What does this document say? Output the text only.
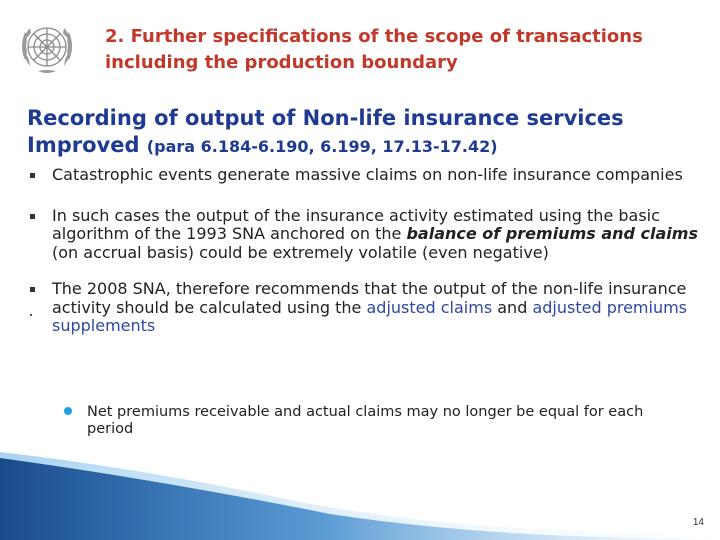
2. Further specifications of the scope of transactions
including the production boundary
Recording of output of Non-life insurance services
Improved (para 6.184-6.190, 6.199, 17.13-17.42)
Catastrophic events generate massive claims on non-life insurance companies
In such cases the output of the insurance activity estimated using the basic algorithm of the 1993 SNA anchored on the balance of premiums and claims (on accrual basis) could be extremely volatile (even negative)
The 2008 SNA, therefore recommends that the output of the non-life insurance activity should be calculated using the adjusted claims and adjusted premiums supplements
Net premiums receivable and actual claims may no longer be equal for each period
14
